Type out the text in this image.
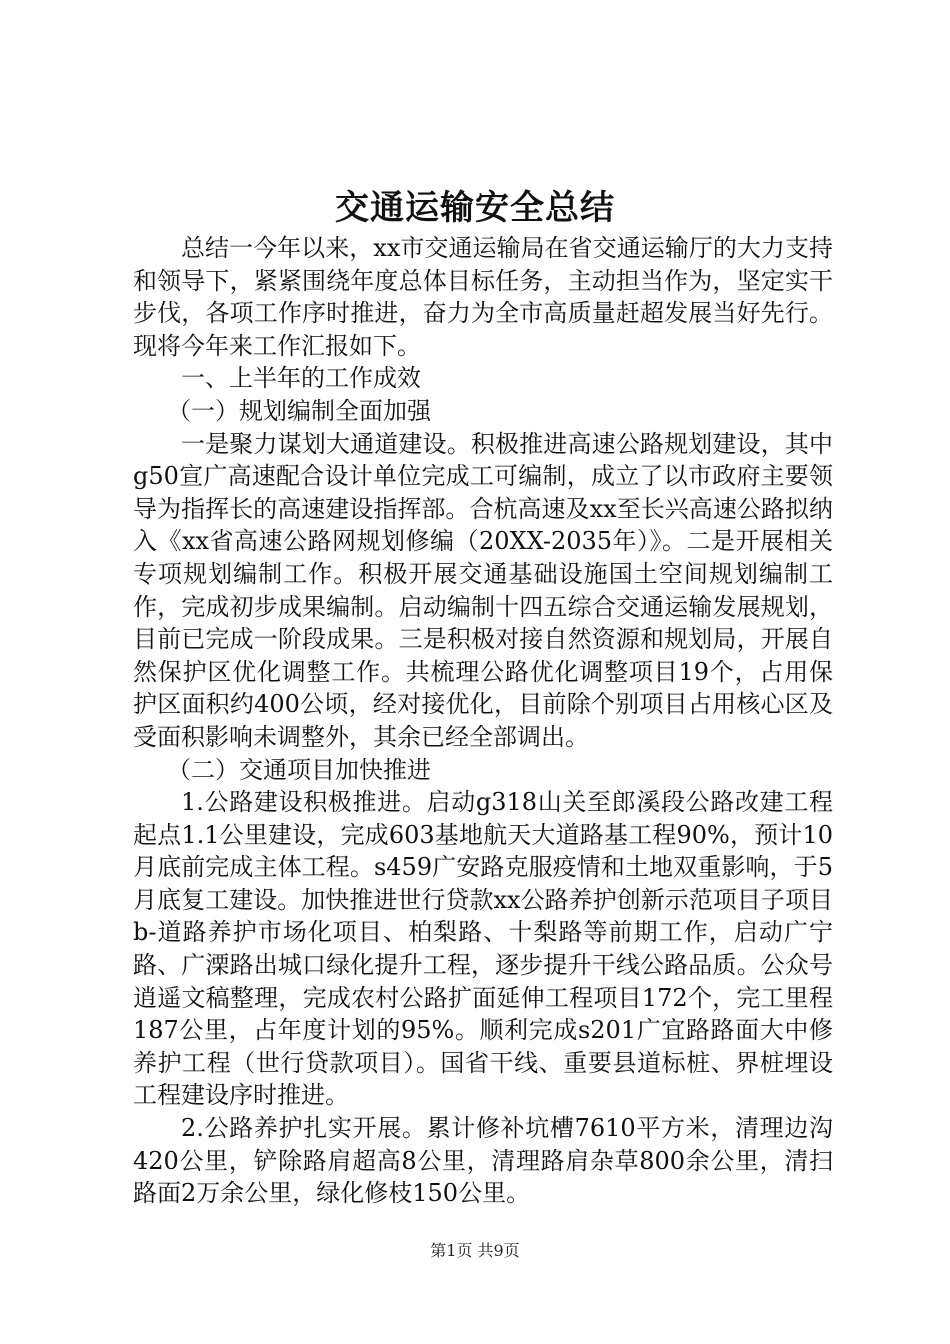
交通运输安全总结

总结一今年以来，xx市交通运输局在省交通运输厅的大力支持和领导下，紧紧围绕年度总体目标任务，主动担当作为，坚定实干步伐，各项工作序时推进，奋力为全市高质量赶超发展当好先行。现将今年来工作汇报如下。

一、上半年的工作成效

（一）规划编制全面加强

一是聚力谋划大通道建设。积极推进高速公路规划建设，其中g50宣广高速配合设计单位完成工可编制，成立了以市政府主要领导为指挥长的高速建设指挥部。合杭高速及xx至长兴高速公路拟纳入《xx省高速公路网规划修编（20XX-2035年）》。二是开展相关专项规划编制工作。积极开展交通基础设施国土空间规划编制工作，完成初步成果编制。启动编制十四五综合交通运输发展规划，目前已完成一阶段成果。三是积极对接自然资源和规划局，开展自然保护区优化调整工作。共梳理公路优化调整项目19个，占用保护区面积约400公顷，经对接优化，目前除个别项目占用核心区及受面积影响未调整外，其余已经全部调出。

（二）交通项目加快推进

1.公路建设积极推进。启动g318山关至郎溪段公路改建工程起点1.1公里建设，完成603基地航天大道路基工程90%，预计10月底前完成主体工程。s459广安路克服疫情和土地双重影响，于5月底复工建设。加快推进世行贷款xx公路养护创新示范项目子项目b-道路养护市场化项目、柏梨路、十梨路等前期工作，启动广宁路、广溧路出城口绿化提升工程，逐步提升干线公路品质。公众号逍遥文稿整理，完成农村公路扩面延伸工程项目172个，完工里程187公里，占年度计划的95%。顺利完成s201广宜路路面大中修养护工程（世行贷款项目）。国省干线、重要县道标桩、界桩埋设工程建设序时推进。

2.公路养护扎实开展。累计修补坑槽7610平方米，清理边沟420公里，铲除路肩超高8公里，清理路肩杂草800余公里，清扫路面2万余公里，绿化修枝150公里。

第1页 共9页
